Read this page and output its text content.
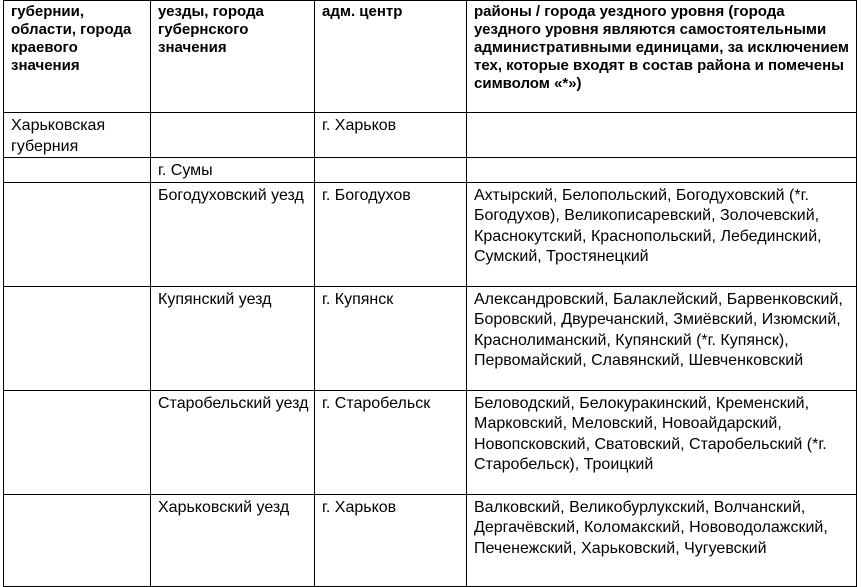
губернии, области, города краевого значения	уезды, города губернского значения	адм. центр	районы / города уездного уровня (города уездного уровня являются самостоятельными административными единицами, за исключением тех, которые входят в состав района и помечены символом «*»)
Харьковская губерния		г. Харьков	
	г. Сумы		
	Богодуховский уезд	г. Богодухов	Ахтырский, Белопольский, Богодуховский (*г. Богодухов), Великописаревский, Золочевский, Краснокутский, Краснопольский, Лебединский, Сумский, Тростянецкий
	Купянский уезд	г. Купянск	Александровский, Балаклейский, Барвенковский, Боровский, Двуречанский, Змиёвский, Изюмский, Краснолиманский, Купянский (*г. Купянск), Первомайский, Славянский, Шевченковский
	Старобельский уезд	г. Старобельск	Беловодский, Белокуракинский, Кременский, Марковский, Меловский, Новоайдарский, Новопсковский, Сватовский, Старобельский (*г. Старобельск), Троицкий
	Харьковский уезд	г. Харьков	Валковский, Великобурлукский, Волчанский, Дергачёвский, Коломакский, Нововодолажский, Печенежский, Харьковский, Чугуевский
